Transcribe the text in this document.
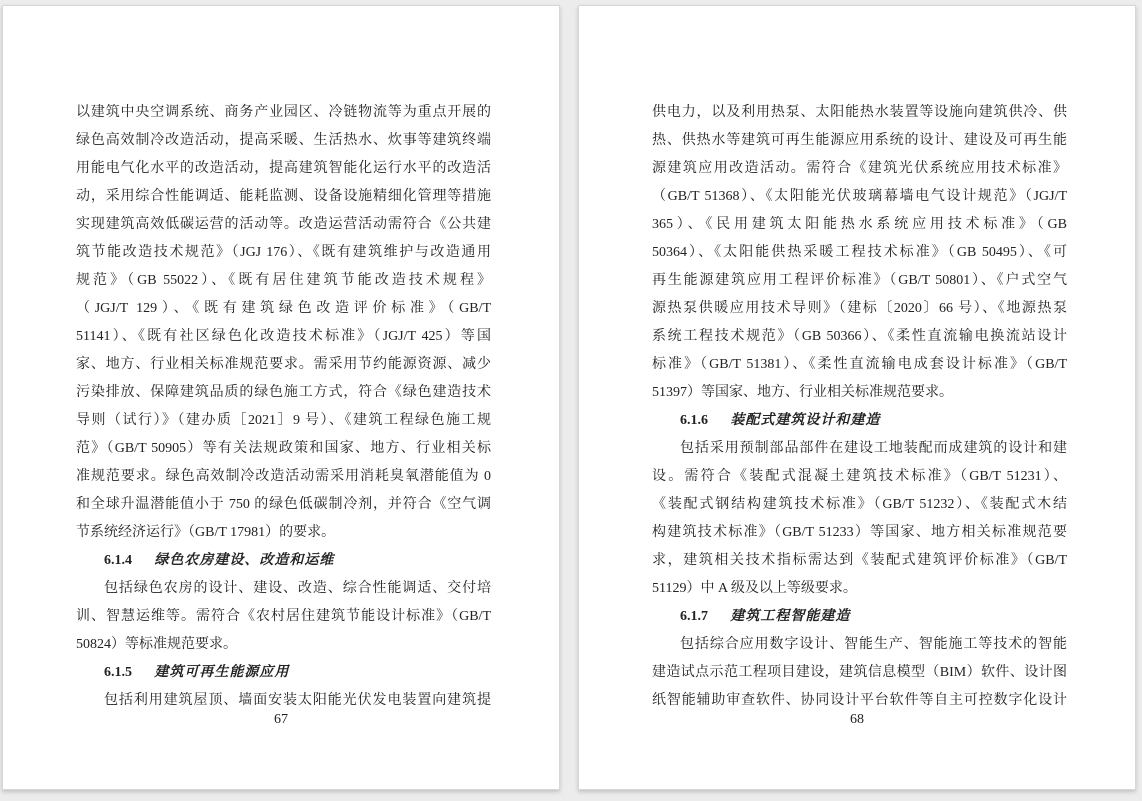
以建筑中央空调系统、商务产业园区、冷链物流等为重点开展的
绿色高效制冷改造活动，提高采暖、生活热水、炊事等建筑终端
用能电气化水平的改造活动，提高建筑智能化运行水平的改造活
动，采用综合性能调适、能耗监测、设备设施精细化管理等措施
实现建筑高效低碳运营的活动等。改造运营活动需符合《公共建
筑节能改造技术规范》（JGJ 176）、《既有建筑维护与改造通用
规范》（GB 55022）、《既有居住建筑节能改造技术规程》
（JGJ/T 129）、《既有建筑绿色改造评价标准》（GB/T
51141）、《既有社区绿色化改造技术标准》（JGJ/T 425）等国
家、地方、行业相关标准规范要求。需采用节约能源资源、减少
污染排放、保障建筑品质的绿色施工方式，符合《绿色建造技术
导则（试行）》（建办质［2021］9 号）、《建筑工程绿色施工规
范》（GB/T 50905）等有关法规政策和国家、地方、行业相关标
准规范要求。绿色高效制冷改造活动需采用消耗臭氧潜能值为 0
和全球升温潜能值小于 750 的绿色低碳制冷剂，并符合《空气调
节系统经济运行》（GB/T 17981）的要求。
6.1.4 绿色农房建设、改造和运维
包括绿色农房的设计、建设、改造、综合性能调适、交付培
训、智慧运维等。需符合《农村居住建筑节能设计标准》（GB/T
50824）等标准规范要求。
6.1.5 建筑可再生能源应用
包括利用建筑屋顶、墙面安装太阳能光伏发电装置向建筑提
67
供电力，以及利用热泵、太阳能热水装置等设施向建筑供冷、供
热、供热水等建筑可再生能源应用系统的设计、建设及可再生能
源建筑应用改造活动。需符合《建筑光伏系统应用技术标准》
（GB/T 51368）、《太阳能光伏玻璃幕墙电气设计规范》（JGJ/T
365）、《民用建筑太阳能热水系统应用技术标准》（GB
50364）、《太阳能供热采暖工程技术标准》（GB 50495）、《可
再生能源建筑应用工程评价标准》（GB/T 50801）、《户式空气
源热泵供暖应用技术导则》（建标〔2020〕66 号）、《地源热泵
系统工程技术规范》（GB 50366）、《柔性直流输电换流站设计
标准》（GB/T 51381）、《柔性直流输电成套设计标准》（GB/T
51397）等国家、地方、行业相关标准规范要求。
6.1.6 装配式建筑设计和建造
包括采用预制部品部件在建设工地装配而成建筑的设计和建
设。需符合《装配式混凝土建筑技术标准》（GB/T 51231）、
《装配式钢结构建筑技术标准》（GB/T 51232）、《装配式木结
构建筑技术标准》（GB/T 51233）等国家、地方相关标准规范要
求，建筑相关技术指标需达到《装配式建筑评价标准》（GB/T
51129）中 A 级及以上等级要求。
6.1.7 建筑工程智能建造
包括综合应用数字设计、智能生产、智能施工等技术的智能
建造试点示范工程项目建设，建筑信息模型（BIM）软件、设计图
纸智能辅助审查软件、协同设计平台软件等自主可控数字化设计
68
